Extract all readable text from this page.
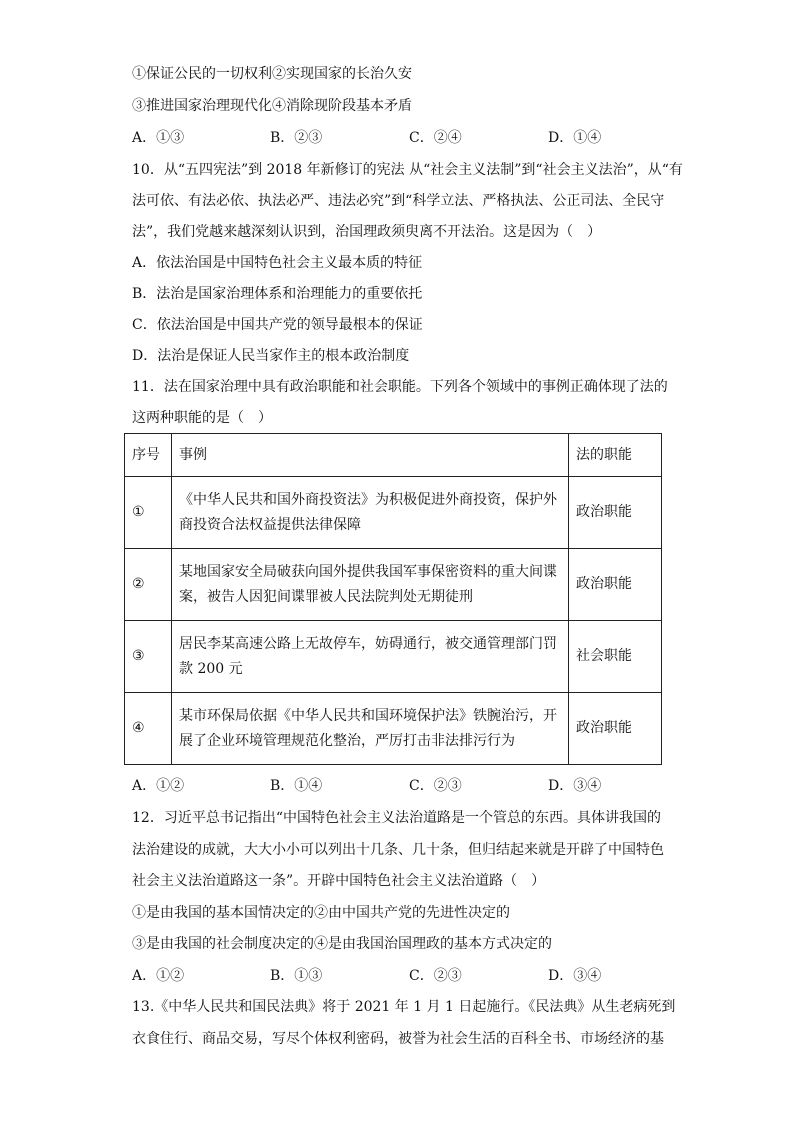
①保证公民的一切权利②实现国家的长治久安
③推进国家治理现代化④消除现阶段基本矛盾
A．①③	B．②③	C．②④	D．①④
10．从“五四宪法”到 2018 年新修订的宪法 从“社会主义法制”到“社会主义法治”，从“有
法可依、有法必依、执法必严、违法必究”到“科学立法、严格执法、公正司法、全民守
法”，我们党越来越深刻认识到，治国理政须臾离不开法治。这是因为（　）
A．依法治国是中国特色社会主义最本质的特征
B．法治是国家治理体系和治理能力的重要依托
C．依法治国是中国共产党的领导最根本的保证
D．法治是保证人民当家作主的根本政治制度
11．法在国家治理中具有政治职能和社会职能。下列各个领域中的事例正确体现了法的
这两种职能的是（　）
序号	事例	法的职能
①	《中华人民共和国外商投资法》为积极促进外商投资，保护外
商投资合法权益提供法律保障	政治职能
②	某地国家安全局破获向国外提供我国军事保密资料的重大间谍
案，被告人因犯间谍罪被人民法院判处无期徒刑	政治职能
③	居民李某高速公路上无故停车，妨碍通行，被交通管理部门罚
款 200 元	社会职能
④	某市环保局依据《中华人民共和国环境保护法》铁腕治污，开
展了企业环境管理规范化整治，严厉打击非法排污行为	政治职能
A．①②	B．①④	C．②③	D．③④
12．习近平总书记指出“中国特色社会主义法治道路是一个管总的东西。具体讲我国的
法治建设的成就，大大小小可以列出十几条、几十条，但归结起来就是开辟了中国特色
社会主义法治道路这一条”。开辟中国特色社会主义法治道路（　）
①是由我国的基本国情决定的②由中国共产党的先进性决定的
③是由我国的社会制度决定的④是由我国治国理政的基本方式决定的
A．①②	B．①③	C．②③	D．③④
13.《中华人民共和国民法典》将于 2021 年 1 月 1 日起施行。《民法典》从生老病死到
衣食住行、商品交易，写尽个体权利密码，被誉为社会生活的百科全书、市场经济的基
